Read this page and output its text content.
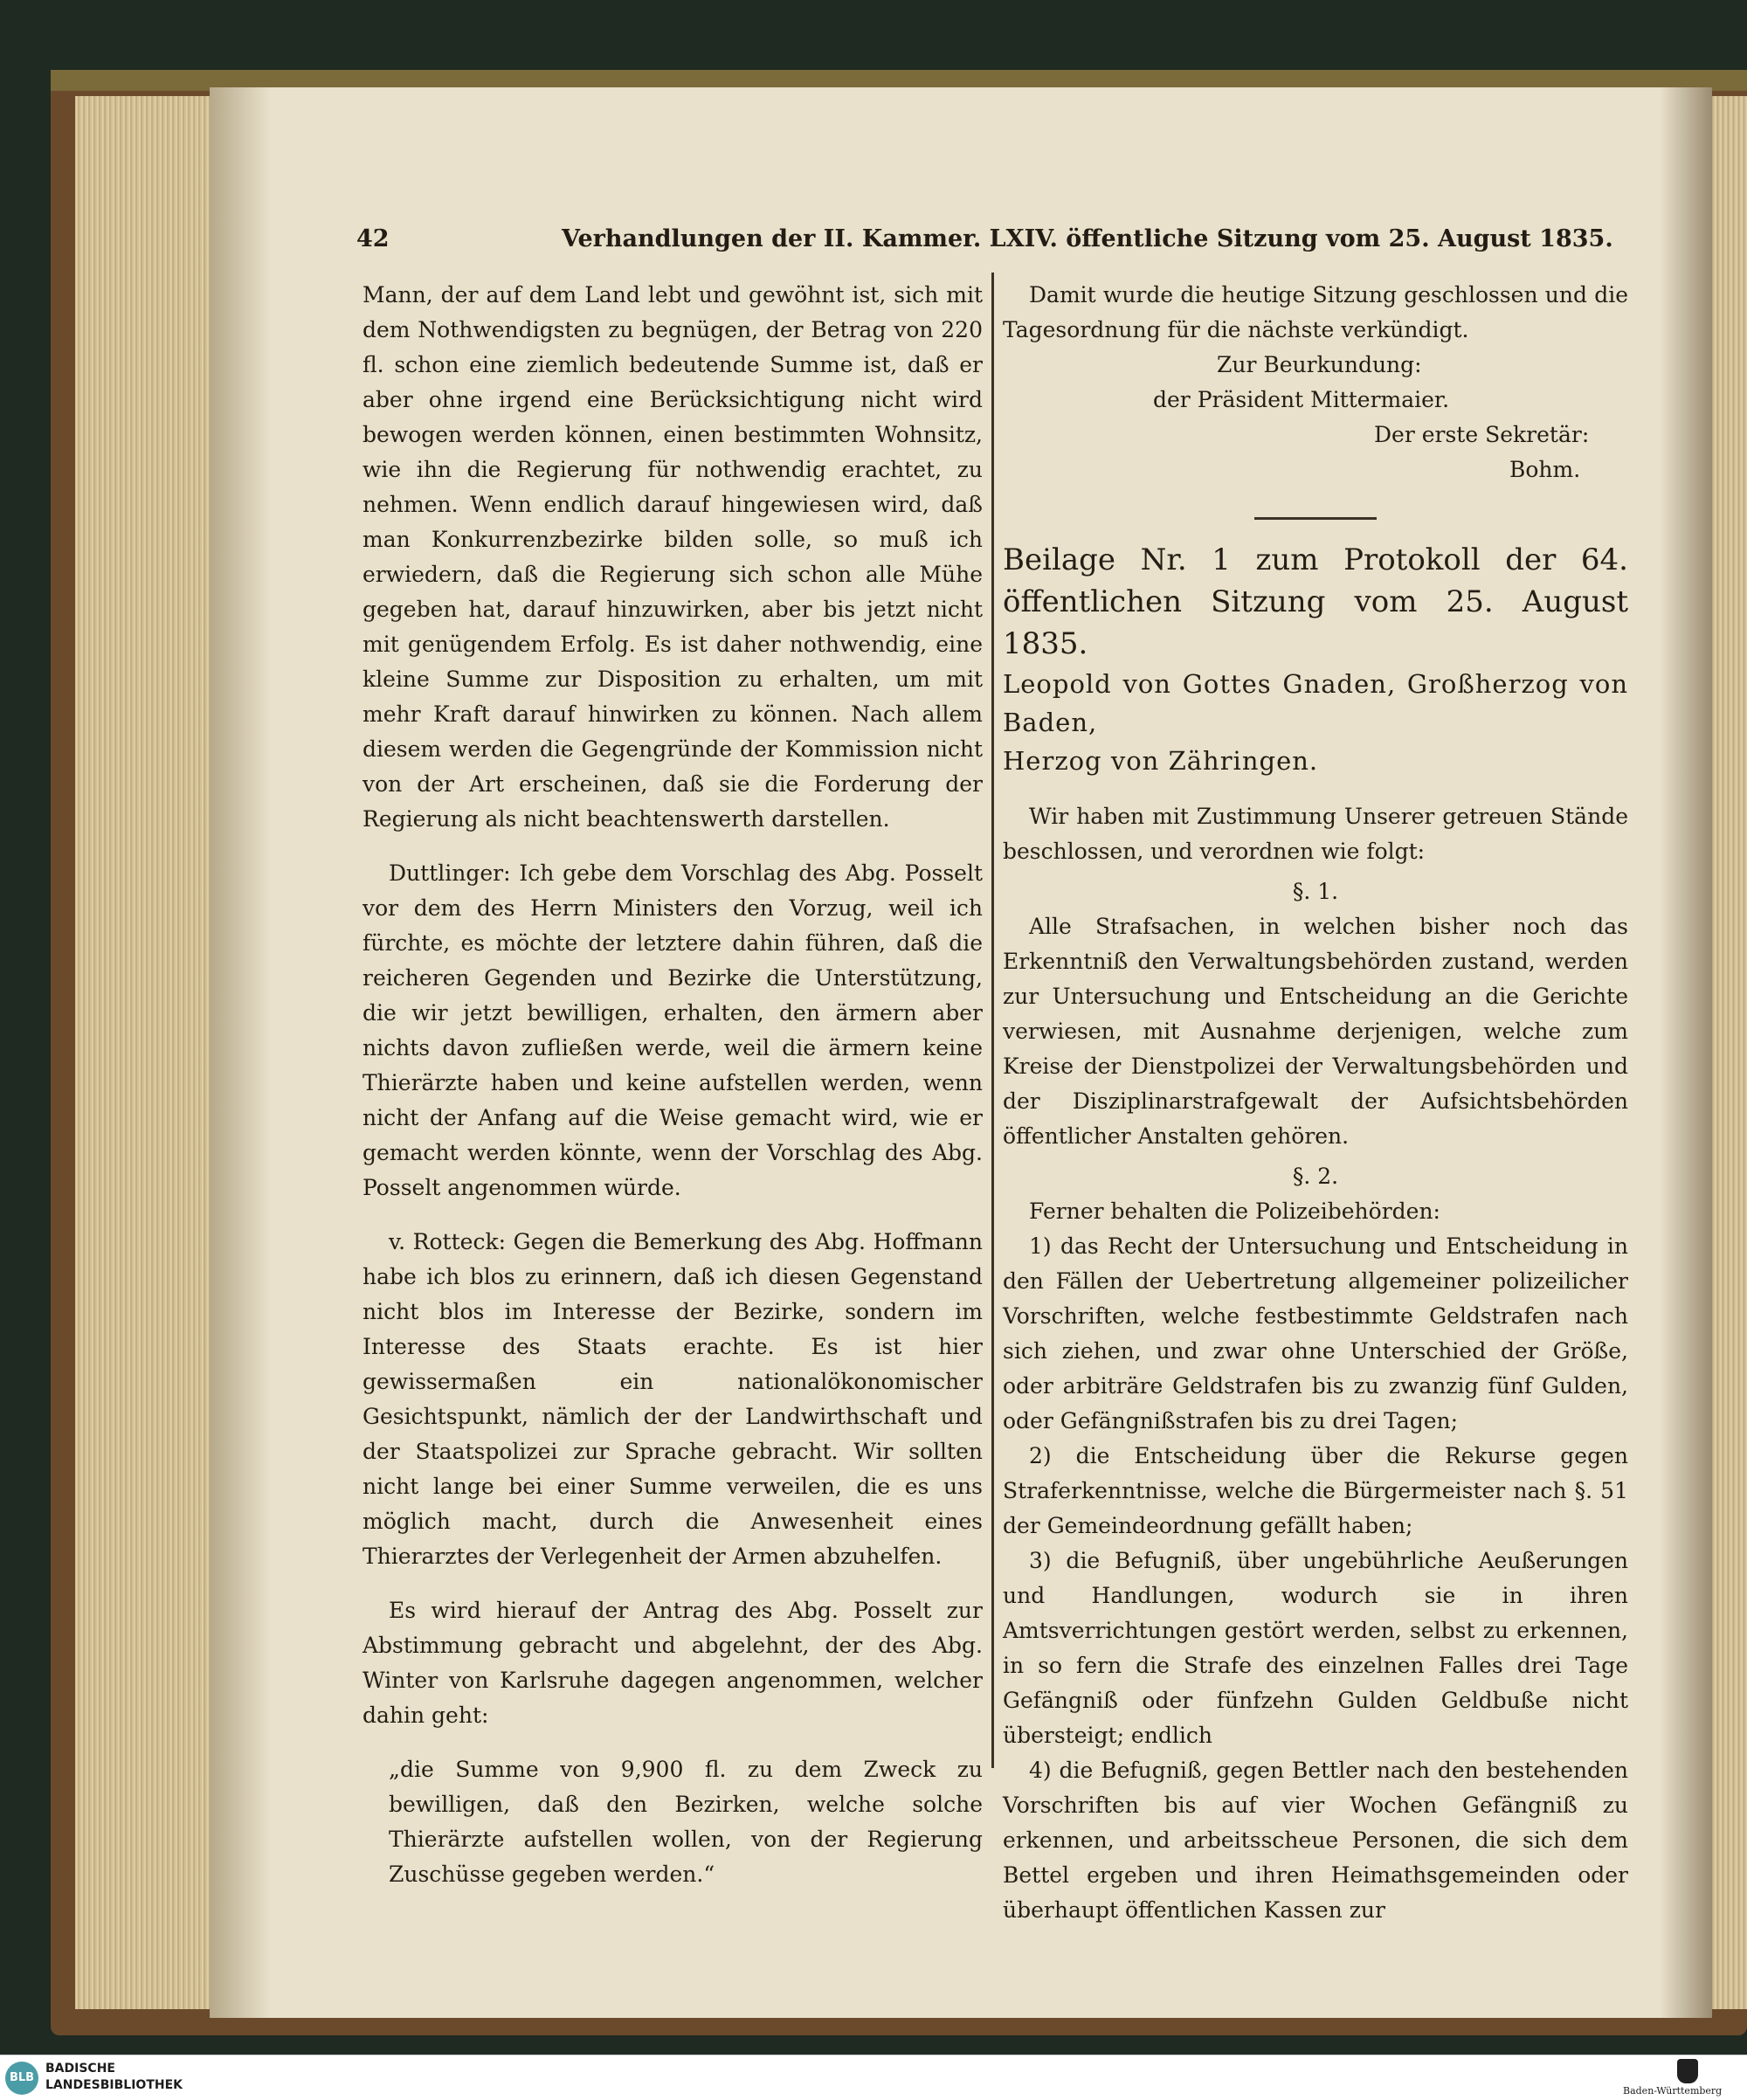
42	Verhandlungen der II. Kammer. LXIV. öffentliche Sitzung vom 25. August 1835.

Mann, der auf dem Land lebt und gewöhnt ist, sich mit dem Nothwendigsten zu begnügen, der Betrag von 220 fl. schon eine ziemlich bedeutende Summe ist, daß er aber ohne irgend eine Berücksichtigung nicht wird bewogen werden können, einen bestimmten Wohnsitz, wie ihn die Regierung für nothwendig erachtet, zu nehmen. Wenn endlich darauf hingewiesen wird, daß man Konkurrenzbezirke bilden solle, so muß ich erwiedern, daß die Regierung sich schon alle Mühe gegeben hat, darauf hinzuwirken, aber bis jetzt nicht mit genügendem Erfolg. Es ist daher nothwendig, eine kleine Summe zur Disposition zu erhalten, um mit mehr Kraft darauf hinwirken zu können. Nach allem diesem werden die Gegengründe der Kommission nicht von der Art erscheinen, daß sie die Forderung der Regierung als nicht beachtenswerth darstellen.

Duttlinger: Ich gebe dem Vorschlag des Abg. Posselt vor dem des Herrn Ministers den Vorzug, weil ich fürchte, es möchte der letztere dahin führen, daß die reicheren Gegenden und Bezirke die Unterstützung, die wir jetzt bewilligen, erhalten, den ärmern aber nichts davon zufließen werde, weil die ärmern keine Thierärzte haben und keine aufstellen werden, wenn nicht der Anfang auf die Weise gemacht wird, wie er gemacht werden könnte, wenn der Vorschlag des Abg. Posselt angenommen würde.

v. Rotteck: Gegen die Bemerkung des Abg. Hoffmann habe ich blos zu erinnern, daß ich diesen Gegenstand nicht blos im Interesse der Bezirke, sondern im Interesse des Staats erachte. Es ist hier gewissermaßen ein nationalökonomischer Gesichtspunkt, nämlich der der Landwirthschaft und der Staatspolizei zur Sprache gebracht. Wir sollten nicht lange bei einer Summe verweilen, die es uns möglich macht, durch die Anwesenheit eines Thierarztes der Verlegenheit der Armen abzuhelfen.

Es wird hierauf der Antrag des Abg. Posselt zur Abstimmung gebracht und abgelehnt, der des Abg. Winter von Karlsruhe dagegen angenommen, welcher dahin geht:

„die Summe von 9,900 fl. zu dem Zweck zu bewilligen, daß den Bezirken, welche solche Thierärzte aufstellen wollen, von der Regierung Zuschüsse gegeben werden.“

Damit wurde die heutige Sitzung geschlossen und die Tagesordnung für die nächste verkündigt.

Zur Beurkundung:

der Präsident Mittermaier.

Der erste Sekretär:

Bohm.

Beilage Nr. 1 zum Protokoll der 64. öffentlichen Sitzung vom 25. August 1835.

Leopold von Gottes Gnaden, Großherzog von Baden,

Herzog von Zähringen.

Wir haben mit Zustimmung Unserer getreuen Stände beschlossen, und verordnen wie folgt:

§. 1.

Alle Strafsachen, in welchen bisher noch das Erkenntniß den Verwaltungsbehörden zustand, werden zur Untersuchung und Entscheidung an die Gerichte verwiesen, mit Ausnahme derjenigen, welche zum Kreise der Dienstpolizei der Verwaltungsbehörden und der Disziplinarstrafgewalt der Aufsichtsbehörden öffentlicher Anstalten gehören.

§. 2.

Ferner behalten die Polizeibehörden:

1) das Recht der Untersuchung und Entscheidung in den Fällen der Uebertretung allgemeiner polizeilicher Vorschriften, welche festbestimmte Geldstrafen nach sich ziehen, und zwar ohne Unterschied der Größe, oder arbiträre Geldstrafen bis zu zwanzig fünf Gulden, oder Gefängnißstrafen bis zu drei Tagen;

2) die Entscheidung über die Rekurse gegen Straferkenntnisse, welche die Bürgermeister nach §. 51 der Gemeindeordnung gefällt haben;

3) die Befugniß, über ungebührliche Aeußerungen und Handlungen, wodurch sie in ihren Amtsverrichtungen gestört werden, selbst zu erkennen, in so fern die Strafe des einzelnen Falles drei Tage Gefängniß oder fünfzehn Gulden Geldbuße nicht übersteigt; endlich

4) die Befugniß, gegen Bettler nach den bestehenden Vorschriften bis auf vier Wochen Gefängniß zu erkennen, und arbeitsscheue Personen, die sich dem Bettel ergeben und ihren Heimathsgemeinden oder überhaupt öffentlichen Kassen zur

BLB
BADISCHE
LANDESBIBLIOTHEK	Baden-Württemberg
